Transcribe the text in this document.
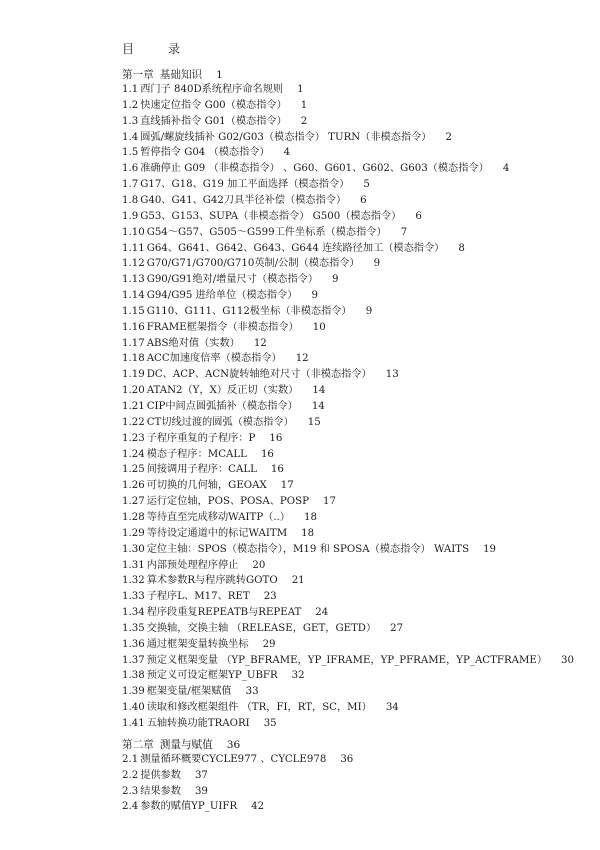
目	录
第一章 基础知识 1
1.1 西门子 840D系统程序命名规则 1
1.2 快速定位指令 G00（模态指令） 1
1.3 直线插补指令 G01（模态指令） 2
1.4 圆弧/螺旋线插补 G02/G03（模态指令） TURN（非模态指令） 2
1.5 暂停指令 G04 （模态指令） 4
1.6 准确停止 G09 （非模态指令） 、G60、G601、G602、G603（模态指令） 4
1.7 G17、G18、G19 加工平面选择（模态指令） 5
1.8 G40、G41、G42刀具半径补偿（模态指令） 6
1.9 G53、G153、SUPA（非模态指令） G500（模态指令） 6
1.10 G54～G57、G505～G599工件坐标系（模态指令） 7
1.11 G64、G641、G642、G643、G644 连续路径加工（模态指令） 8
1.12 G70/G71/G700/G710英制/公制（模态指令） 9
1.13 G90/G91绝对/增量尺寸（模态指令） 9
1.14 G94/G95 进给单位（模态指令） 9
1.15 G110、G111、G112极坐标（非模态指令） 9
1.16 FRAME框架指令（非模态指令） 10
1.17 ABS绝对值（实数） 12
1.18 ACC加速度倍率（模态指令） 12
1.19 DC、ACP、ACN旋转轴绝对尺寸（非模态指令） 13
1.20 ATAN2（Y，X）反正切（实数） 14
1.21 CIP中间点圆弧插补（模态指令） 14
1.22 CT切线过渡的圆弧（模态指令） 15
1.23 子程序重复的子程序：P 16
1.24 模态子程序：MCALL 16
1.25 间接调用子程序：CALL 16
1.26 可切换的几何轴，GEOAX 17
1.27 运行定位轴，POS、POSA、POSP 17
1.28 等待直至完成移动WAITP（..） 18
1.29 等待设定通道中的标记WAITM 18
1.30 定位主轴：SPOS（模态指令），M19 和 SPOSA（模态指令） WAITS 19
1.31 内部预处理程序停止 20
1.32 算术参数R与程序跳转GOTO 21
1.33 子程序L、M17、RET 23
1.34 程序段重复REPEATB与REPEAT 24
1.35 交换轴，交换主轴 （RELEASE，GET，GETD） 27
1.36 通过框架变量转换坐标 29
1.37 预定义框架变量 （YP_BFRAME，YP_IFRAME，YP_PFRAME，YP_ACTFRAME） 30
1.38 预定义可设定框架YP_UBFR 32
1.39 框架变量/框架赋值 33
1.40 读取和修改框架组件 （TR，FI，RT，SC，MI） 34
1.41 五轴转换功能TRAORI 35
第二章 测量与赋值 36
2.1 测量循环概要CYCLE977 、CYCLE978 36
2.2 提供参数 37
2.3 结果参数 39
2.4 参数的赋值YP_UIFR 42
